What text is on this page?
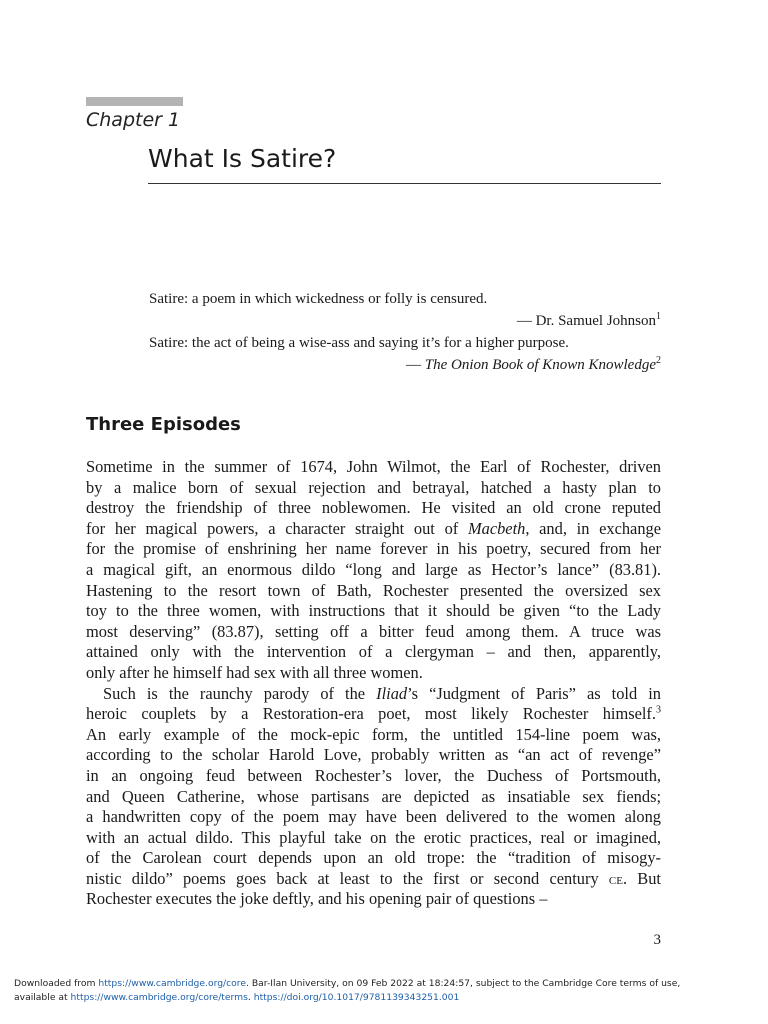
Chapter 1
What Is Satire?
Satire: a poem in which wickedness or folly is censured.
— Dr. Samuel Johnson$^1$
Satire: the act of being a wise-ass and saying it’s for a higher purpose.
— The Onion Book of Known Knowledge$^2$
Three Episodes
Sometime in the summer of 1674, John Wilmot, the Earl of Rochester, driven
by a malice born of sexual rejection and betrayal, hatched a hasty plan to
destroy the friendship of three noblewomen. He visited an old crone reputed
for her magical powers, a character straight out of Macbeth, and, in exchange
for the promise of enshrining her name forever in his poetry, secured from her
a magical gift, an enormous dildo “long and large as Hector’s lance” (83.81).
Hastening to the resort town of Bath, Rochester presented the oversized sex
toy to the three women, with instructions that it should be given “to the Lady
most deserving” (83.87), setting off a bitter feud among them. A truce was
attained only with the intervention of a clergyman – and then, apparently,
only after he himself had sex with all three women.
Such is the raunchy parody of the Iliad’s “Judgment of Paris” as told in
heroic couplets by a Restoration-era poet, most likely Rochester himself.$^3$
An early example of the mock-epic form, the untitled 154-line poem was,
according to the scholar Harold Love, probably written as “an act of revenge”
in an ongoing feud between Rochester’s lover, the Duchess of Portsmouth,
and Queen Catherine, whose partisans are depicted as insatiable sex fiends;
a handwritten copy of the poem may have been delivered to the women along
with an actual dildo. This playful take on the erotic practices, real or imagined,
of the Carolean court depends upon an old trope: the “tradition of misogy-
nistic dildo” poems goes back at least to the first or second century ce. But
Rochester executes the joke deftly, and his opening pair of questions –
3
Downloaded from https://www.cambridge.org/core. Bar-Ilan University, on 09 Feb 2022 at 18:24:57, subject to the Cambridge Core terms of use,
available at https://www.cambridge.org/core/terms. https://doi.org/10.1017/9781139343251.001
